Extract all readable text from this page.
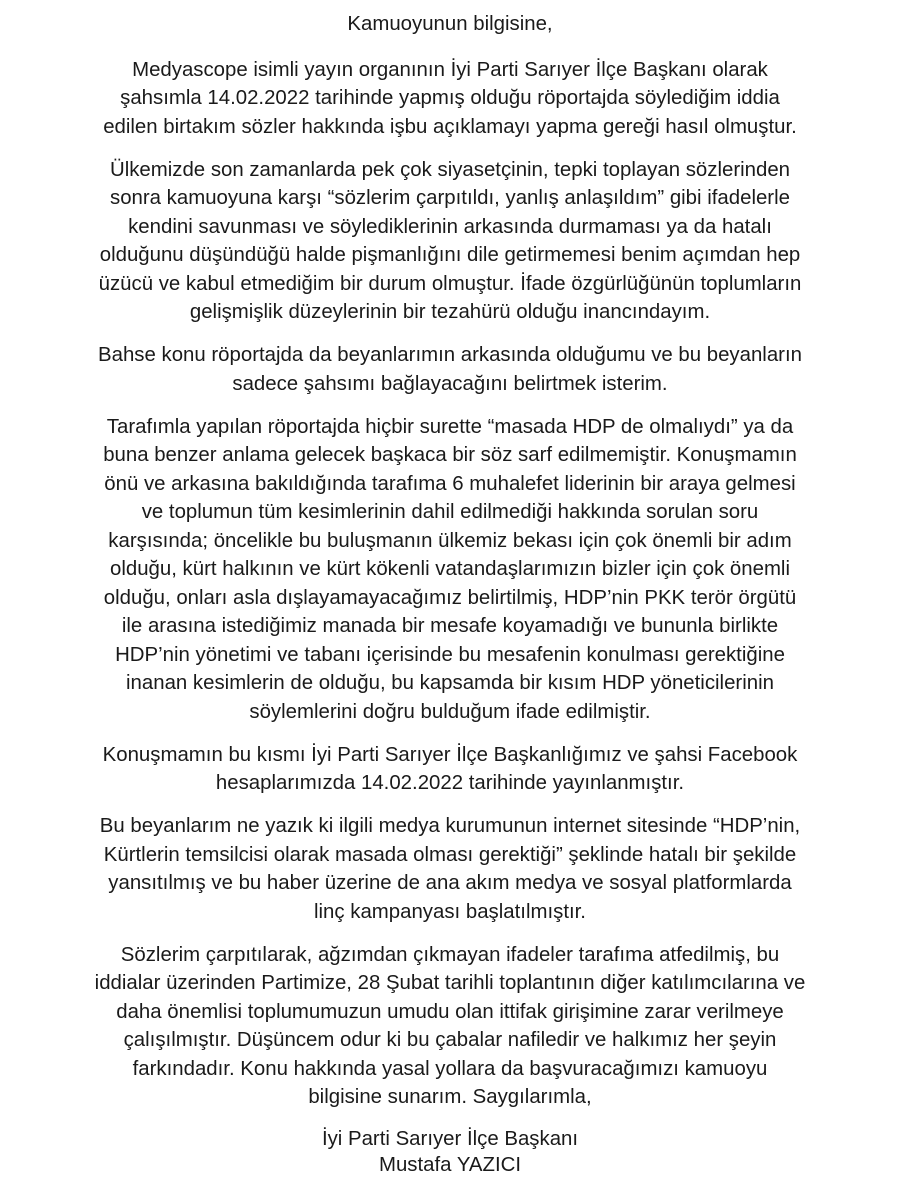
Kamuoyunun bilgisine,

Medyascope isimli yayın organının İyi Parti Sarıyer İlçe Başkanı olarak
şahsımla 14.02.2022 tarihinde yapmış olduğu röportajda söylediğim iddia
edilen birtakım sözler hakkında işbu açıklamayı yapma gereği hasıl olmuştur.

Ülkemizde son zamanlarda pek çok siyasetçinin, tepki toplayan sözlerinden
sonra kamuoyuna karşı “sözlerim çarpıtıldı, yanlış anlaşıldım” gibi ifadelerle
kendini savunması ve söylediklerinin arkasında durmaması ya da hatalı
olduğunu düşündüğü halde pişmanlığını dile getirmemesi benim açımdan hep
üzücü ve kabul etmediğim bir durum olmuştur. İfade özgürlüğünün toplumların
gelişmişlik düzeylerinin bir tezahürü olduğu inancındayım.

Bahse konu röportajda da beyanlarımın arkasında olduğumu ve bu beyanların
sadece şahsımı bağlayacağını belirtmek isterim.

Tarafımla yapılan röportajda hiçbir surette “masada HDP de olmalıydı” ya da
buna benzer anlama gelecek başkaca bir söz sarf edilmemiştir. Konuşmamın
önü ve arkasına bakıldığında tarafıma 6 muhalefet liderinin bir araya gelmesi
ve toplumun tüm kesimlerinin dahil edilmediği hakkında sorulan soru
karşısında; öncelikle bu buluşmanın ülkemiz bekası için çok önemli bir adım
olduğu, kürt halkının ve kürt kökenli vatandaşlarımızın bizler için çok önemli
olduğu, onları asla dışlayamayacağımız belirtilmiş, HDP’nin PKK terör örgütü
ile arasına istediğimiz manada bir mesafe koyamadığı ve bununla birlikte
HDP’nin yönetimi ve tabanı içerisinde bu mesafenin konulması gerektiğine
inanan kesimlerin de olduğu, bu kapsamda bir kısım HDP yöneticilerinin
söylemlerini doğru bulduğum ifade edilmiştir.

Konuşmamın bu kısmı İyi Parti Sarıyer İlçe Başkanlığımız ve şahsi Facebook
hesaplarımızda 14.02.2022 tarihinde yayınlanmıştır.

Bu beyanlarım ne yazık ki ilgili medya kurumunun internet sitesinde “HDP’nin,
Kürtlerin temsilcisi olarak masada olması gerektiği” şeklinde hatalı bir şekilde
yansıtılmış ve bu haber üzerine de ana akım medya ve sosyal platformlarda
linç kampanyası başlatılmıştır.

Sözlerim çarpıtılarak, ağzımdan çıkmayan ifadeler tarafıma atfedilmiş, bu
iddialar üzerinden Partimize, 28 Şubat tarihli toplantının diğer katılımcılarına ve
daha önemlisi toplumumuzun umudu olan ittifak girişimine zarar verilmeye
çalışılmıştır. Düşüncem odur ki bu çabalar nafiledir ve halkımız her şeyin
farkındadır. Konu hakkında yasal yollara da başvuracağımızı kamuoyu
bilgisine sunarım. Saygılarımla,

İyi Parti Sarıyer İlçe Başkanı
Mustafa YAZICI
